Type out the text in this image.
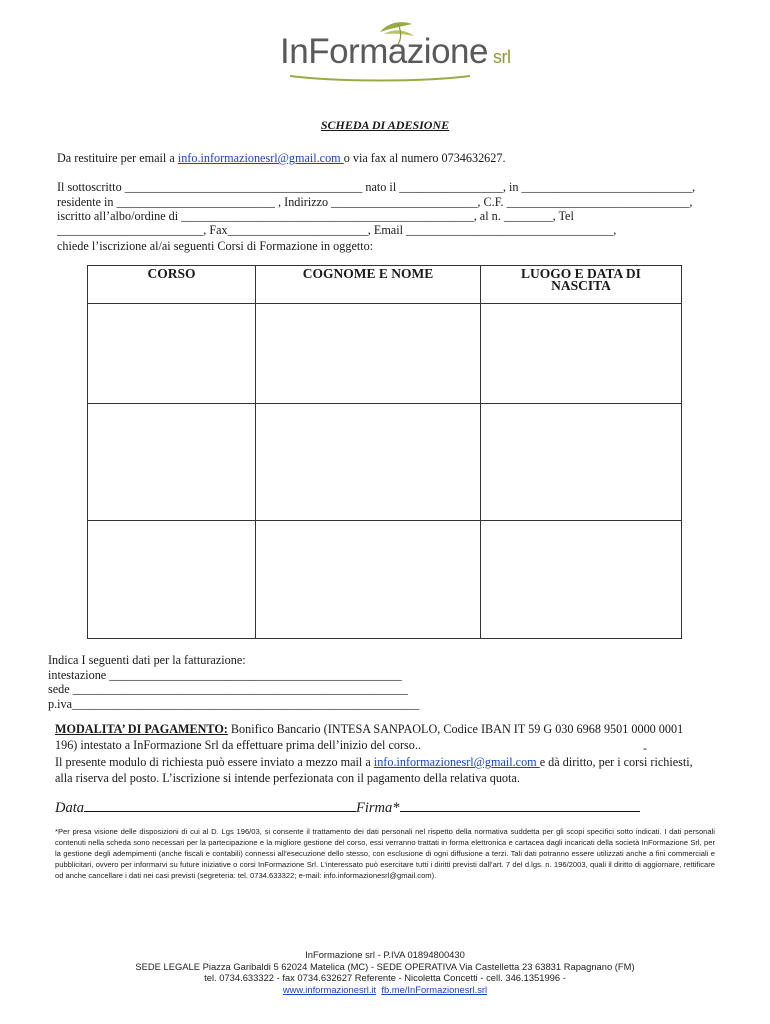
InFormazione srl
SCHEDA DI ADESIONE
Da restituire per email a info.informazionesrl@gmail.com o via fax al numero 0734632627.
Il sottoscritto _______________________________________ nato il _________________, in ____________________________,
residente in __________________________ , Indirizzo ________________________, C.F. ______________________________,
iscritto all’albo/ordine di ________________________________________________, al n. ________, Tel
________________________, Fax_______________________, Email __________________________________,
chiede l’iscrizione al/ai seguenti Corsi di Formazione in oggetto:
CORSO	COGNOME E NOME	LUOGO E DATA DI NASCITA

Indica I seguenti dati per la fatturazione:
intestazione ________________________________________________
sede _______________________________________________________
p.iva_________________________________________________________
MODALITA’ DI PAGAMENTO: Bonifico Bancario (INTESA SANPAOLO, Codice IBAN IT 59 G 030 6968 9501 0000 0001 196) intestato a InFormazione Srl da effettuare prima dell’inizio del corso..	-
Il presente modulo di richiesta può essere inviato a mezzo mail a info.informazionesrl@gmail.com e dà diritto, per i corsi richiesti, alla riserva del posto. L’iscrizione si intende perfezionata con il pagamento della relativa quota.
Data	Firma*
*Per presa visione delle disposizioni di cui al D. Lgs 196/03, si consente il trattamento dei dati personali nel rispetto della normativa suddetta per gli scopi specifici sotto indicati. I dati personali contenuti nella scheda sono necessari per la partecipazione e la migliore gestione del corso, essi verranno trattati in forma elettronica e cartacea dagli incaricati della società InFormazione Srl, per la gestione degli adempimenti (anche fiscali e contabili) connessi all’esecuzione dello stesso, con esclusione di ogni diffusione a terzi. Tali dati potranno essere utilizzati anche a fini commerciali e pubblicitari, ovvero per informarvi su future iniziative o corsi InFormazione Srl. L’interessato può esercitare tutti i diritti previsti dall’art. 7 del d.lgs. n. 196/2003, quali il diritto di aggiornare, rettificare od anche cancellare i dati nei casi previsti (segreteria: tel. 0734.633322; e-mail: info.informazionesrl@gmail.com).
InFormazione srl - P.IVA 01894800430
SEDE LEGALE Piazza Garibaldi 5 62024 Matelica (MC) - SEDE OPERATIVA Via Castelletta 23 63831 Rapagnano (FM)
tel. 0734.633322 - fax 0734.632627 Referente - Nicoletta Concetti - cell. 346.1351996 -
www.informazionesrl.it fb.me/InFormazionesrl.srl
